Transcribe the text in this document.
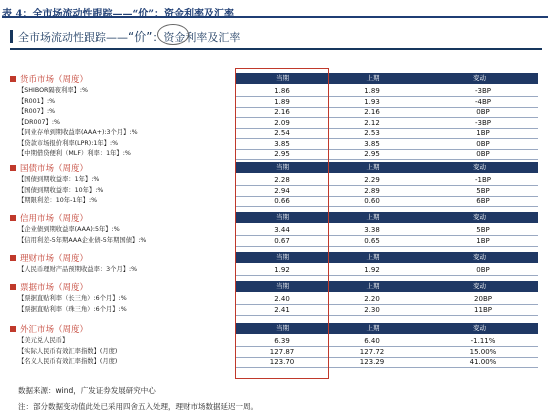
表 4：全市场流动性跟踪——“价”：资金利率及汇率
全市场流动性跟踪——“价”：资金利率及汇率
货币市场（周度）	当期	上期	变动
【SHIBOR隔夜利率】:%	1.86	1.89	-3BP
【R001】:%	1.89	1.93	-4BP
【R007】:%	2.16	2.16	0BP
【DR007】:%	2.09	2.12	-3BP
【同业存单到期收益率(AAA+):3个月】:%	2.54	2.53	1BP
【贷款市场报价利率(LPR):1年】:%	3.85	3.85	0BP
【中期借贷便利（MLF）利率：1年】:%	2.95	2.95	0BP
国债市场（周度）	当期	上期	变动
【国债到期收益率：1年】:%	2.28	2.29	-1BP
【国债到期收益率：10年】:%	2.94	2.89	5BP
【期限利差：10年-1年】:%	0.66	0.60	6BP
信用市场（周度）	当期	上期	变动
【企业债到期收益率(AAA):5年】:%	3.44	3.38	5BP
【信用利差-5年期AAA企业债-5年期国债】:%	0.67	0.65	1BP
理财市场（周度）	当期	上期	变动
【人民币理财产品预期收益率：3个月】:%	1.92	1.92	0BP
票据市场（周度）	当期	上期	变动
【票据直贴利率（长三角）:6个月】:%	2.40	2.20	20BP
【票据直贴利率（珠三角）:6个月】:%	2.41	2.30	11BP
外汇市场（周度）	当期	上期	变动
【美元兑人民币】	6.39	6.40	-1.11%
【实际人民币有效汇率指数】(月度)	127.87	127.72	15.00%
【名义人民币有效汇率指数】(月度)	123.70	123.29	41.00%
数据来源：wind，广发证券发展研究中心
注：部分数据变动值此处已采用四舍五入处理，理财市场数据延迟一周。
